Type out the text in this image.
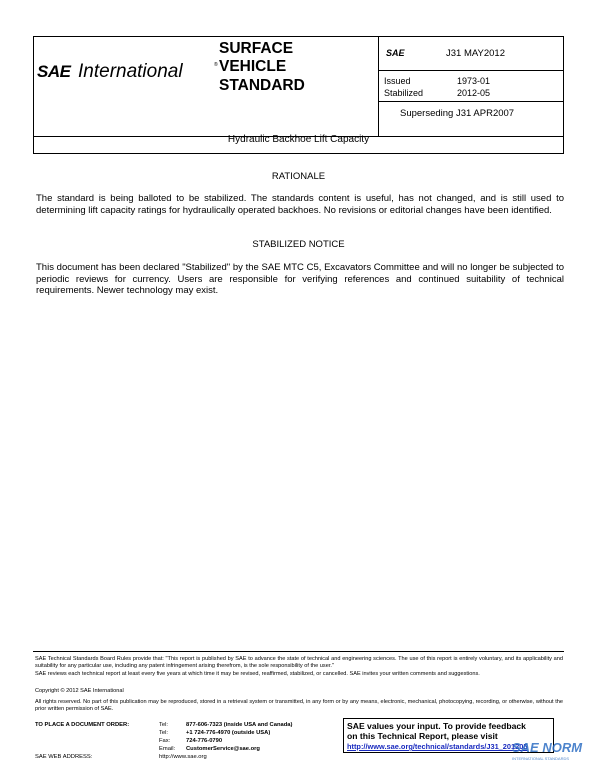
SAE International	®
SURFACE
VEHICLE
STANDARD
SAE	J31 MAY2012
Issued	1973-01
Stabilized	2012-05
Superseding J31 APR2007
Hydraulic Backhoe Lift Capacity
RATIONALE

The standard is being balloted to be stabilized. The standards content is useful, has not changed, and is still used to determining lift capacity ratings for hydraulically operated backhoes. No revisions or editorial changes have been identified.

STABILIZED NOTICE

This document has been declared "Stabilized" by the SAE MTC C5, Excavators Committee and will no longer be subjected to periodic reviews for currency. Users are responsible for verifying references and continued suitability of technical requirements. Newer technology may exist.

SAE Technical Standards Board Rules provide that: "This report is published by SAE to advance the state of technical and engineering sciences. The use of this report is entirely voluntary, and its applicability and suitability for any particular use, including any patent infringement arising therefrom, is the sole responsibility of the user."

SAE reviews each technical report at least every five years at which time it may be revised, reaffirmed, stabilized, or cancelled. SAE invites your written comments and suggestions.

Copyright © 2012 SAE International

All rights reserved. No part of this publication may be reproduced, stored in a retrieval system or transmitted, in any form or by any means, electronic, mechanical, photocopying, recording, or otherwise, without the prior written permission of SAE.

TO PLACE A DOCUMENT ORDER:	Tel:	877-606-7323 (inside USA and Canada)
Tel:	+1 724-776-4970 (outside USA)
Fax:	724-776-0790
Email: CustomerService@sae.org
SAE WEB ADDRESS:	http://www.sae.org
SAE values your input. To provide feedback
on this Technical Report, please visit
http://www.sae.org/technical/standards/J31_201205
SAE NORM
INTERNATIONAL STANDARDS
